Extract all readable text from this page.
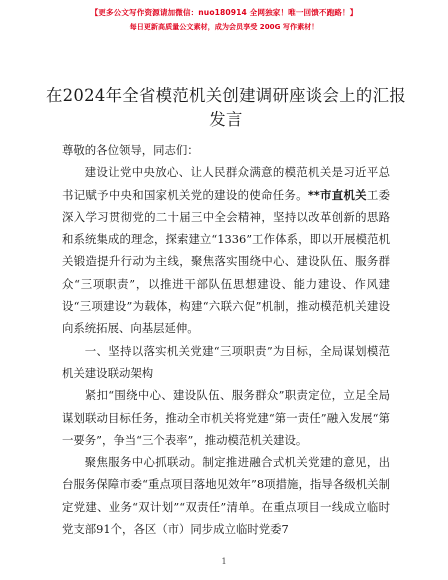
【更多公文写作资源请加微信：nuo180914 全网独家！唯一回馈不跑路！】
每日更新高质量公文素材，成为会员享受 200G 写作素材！
在2024年全省模范机关创建调研座谈会上的汇报发言

尊敬的各位领导，同志们：

建设让党中央放心、让人民群众满意的模范机关是习近平总书记赋予中央和国家机关党的建设的使命任务。**市直机关工委深入学习贯彻党的二十届三中全会精神，坚持以改革创新的思路和系统集成的理念，探索建立“1336”工作体系，即以开展模范机关锻造提升行动为主线，聚焦落实围绕中心、建设队伍、服务群众“三项职责”，以推进干部队伍思想建设、能力建设、作风建设“三项建设”为载体，构建“六联六促”机制，推动模范机关建设向系统拓展、向基层延伸。

一、坚持以落实机关党建“三项职责”为目标，全局谋划模范机关建设联动架构

紧扣“围绕中心、建设队伍、服务群众”职责定位，立足全局谋划联动目标任务，推动全市机关将党建“第一责任”融入发展“第一要务”，争当“三个表率”，推动模范机关建设。

聚焦服务中心抓联动。制定推进融合式机关党建的意见，出台服务保障市委“重点项目落地见效年”8项措施，指导各级机关制定党建、业务“双计划”“双责任”清单。在重点项目一线成立临时党支部91个，各区（市）同步成立临时党委7

1
